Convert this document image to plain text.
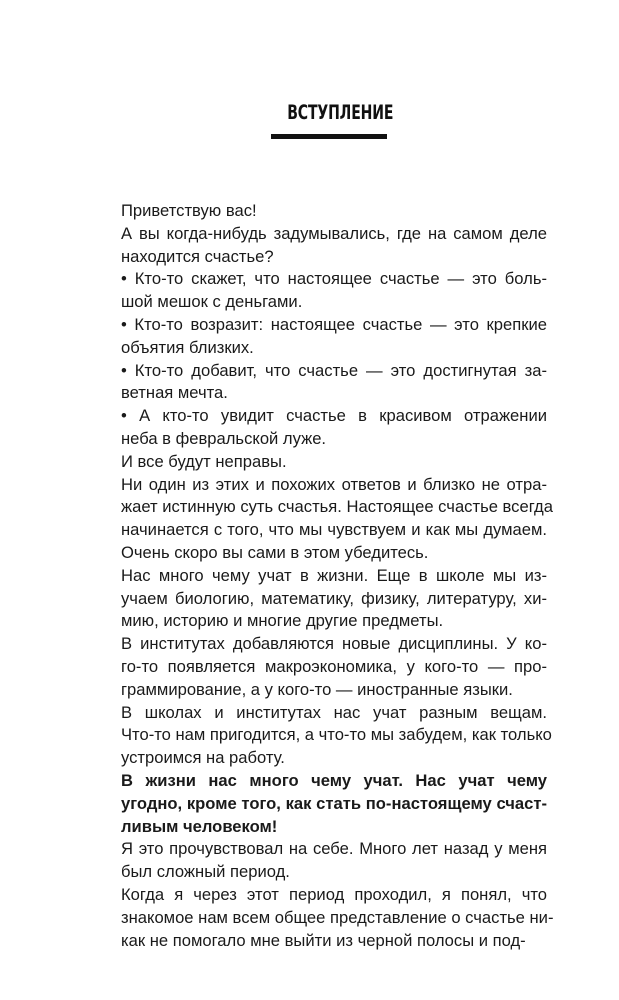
ВСТУПЛЕНИЕ

Приветствую вас!

А вы когда-нибудь задумывались, где на самом деле
находится счастье?

• Кто-то скажет, что настоящее счастье — это боль-
шой мешок с деньгами.

• Кто-то возразит: настоящее счастье — это крепкие
объятия близких.

• Кто-то добавит, что счастье — это достигнутая за-
ветная мечта.

• А кто-то увидит счастье в красивом отражении
неба в февральской луже.

И все будут неправы.

Ни один из этих и похожих ответов и близко не отра-
жает истинную суть счастья. Настоящее счастье всегда
начинается с того, что мы чувствуем и как мы думаем.
Очень скоро вы сами в этом убедитесь.

Нас много чему учат в жизни. Еще в школе мы из-
учаем биологию, математику, физику, литературу, хи-
мию, историю и многие другие предметы.

В институтах добавляются новые дисциплины. У ко-
го-то появляется макроэкономика, у кого-то — про-
граммирование, а у кого-то — иностранные языки.

В школах и институтах нас учат разным вещам.
Что-то нам пригодится, а что-то мы забудем, как только
устроимся на работу.

В жизни нас много чему учат. Нас учат чему
угодно, кроме того, как стать по-настоящему счаст-
ливым человеком!

Я это прочувствовал на себе. Много лет назад у меня
был сложный период.

Когда я через этот период проходил, я понял, что
знакомое нам всем общее представление о счастье ни-
как не помогало мне выйти из черной полосы и под-
